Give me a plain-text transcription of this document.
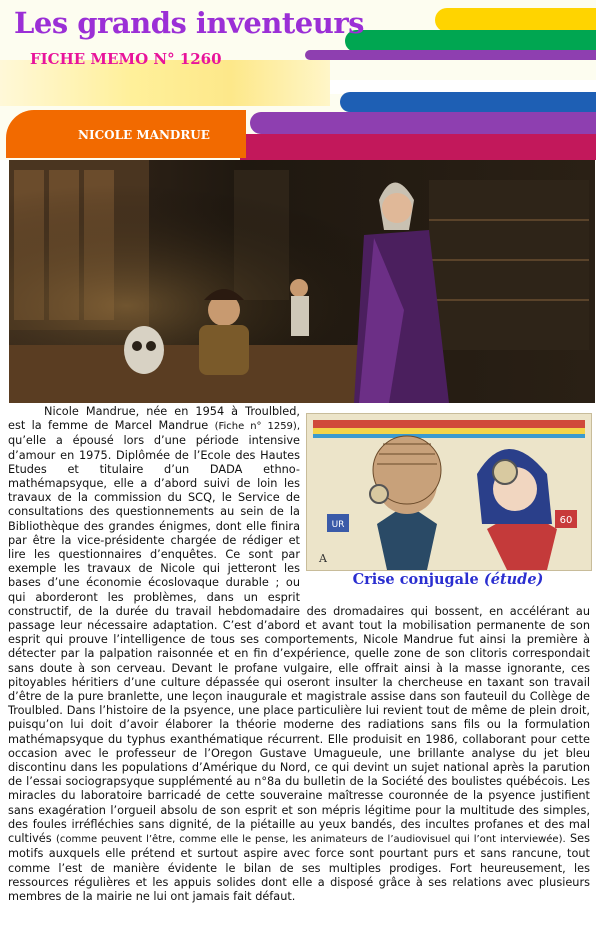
Les grands inventeurs
FICHE MEMO N° 1260
NICOLE MANDRUE
UR	60
A
Crise conjugale (étude)
Nicole Mandrue, née en 1954 à Troulbled, est la femme de Marcel Mandrue (Fiche n° 1259), qu’elle a épousé lors d’une période intensive d’amour en 1975. Diplômée de l’Ecole des Hautes Etudes et titulaire d’un DADA ethno-mathémapsyque, elle a d’abord suivi de loin les travaux de la commission du SCQ, le Service de consultations des questionnements au sein de la Bibliothèque des grandes énigmes, dont elle finira par être la vice-présidente chargée de rédiger et lire les questionnaires d’enquêtes. Ce sont par exemple les travaux de Nicole qui jetteront les bases d’une économie écoslovaque durable ; ou qui aborderont les problèmes, dans un esprit constructif, de la durée du travail hebdomadaire des dromadaires qui bossent, en accélérant au passage leur nécessaire adaptation. C’est d’abord et avant tout la mobilisation permanente de son esprit qui prouve l’intelligence de tous ses comportements, Nicole Mandrue fut ainsi la première à détecter par la palpation raisonnée et en fin d’expérience, quelle zone de son clitoris correspondait sans doute à son cerveau. Devant le profane vulgaire, elle offrait ainsi à la masse ignorante, ces pitoyables héritiers d’une culture dépassée qui oseront insulter la chercheuse en taxant son travail d’être de la pure branlette, une leçon inaugurale et magistrale assise dans son fauteuil du Collège de Troulbled. Dans l’histoire de la psyence, une place particulière lui revient tout de même de plein droit, puisqu’on lui doit d’avoir élaborer la théorie moderne des radiations sans fils ou la formulation mathémapsyque du typhus exanthématique récurrent. Elle produisit en 1986, collaborant pour cette occasion avec le professeur de l’Oregon Gustave Umagueule, une brillante analyse du jet bleu discontinu dans les populations d’Amérique du Nord, ce qui devint un sujet national après la parution de l’essai sociograpsyque supplémenté au n°8a du bulletin de la Société des boulistes québécois. Les miracles du laboratoire barricadé de cette souveraine maîtresse couronnée de la psyence justifient sans exagération l’orgueil absolu de son esprit et son mépris légitime pour la multitude des simples, des foules irréfléchies sans dignité, de la piétaille au yeux bandés, des incultes profanes et des mal cultivés (comme peuvent l’être, comme elle le pense, les animateurs de l’audiovisuel qui l’ont interviewée). Ses motifs auxquels elle prétend et surtout aspire avec force sont pourtant purs et sans rancune, tout comme l’est de manière évidente le bilan de ses multiples prodiges. Fort heureusement, les ressources régulières et les appuis solides dont elle a disposé grâce à ses relations avec plusieurs membres de la mairie ne lui ont jamais fait défaut.
